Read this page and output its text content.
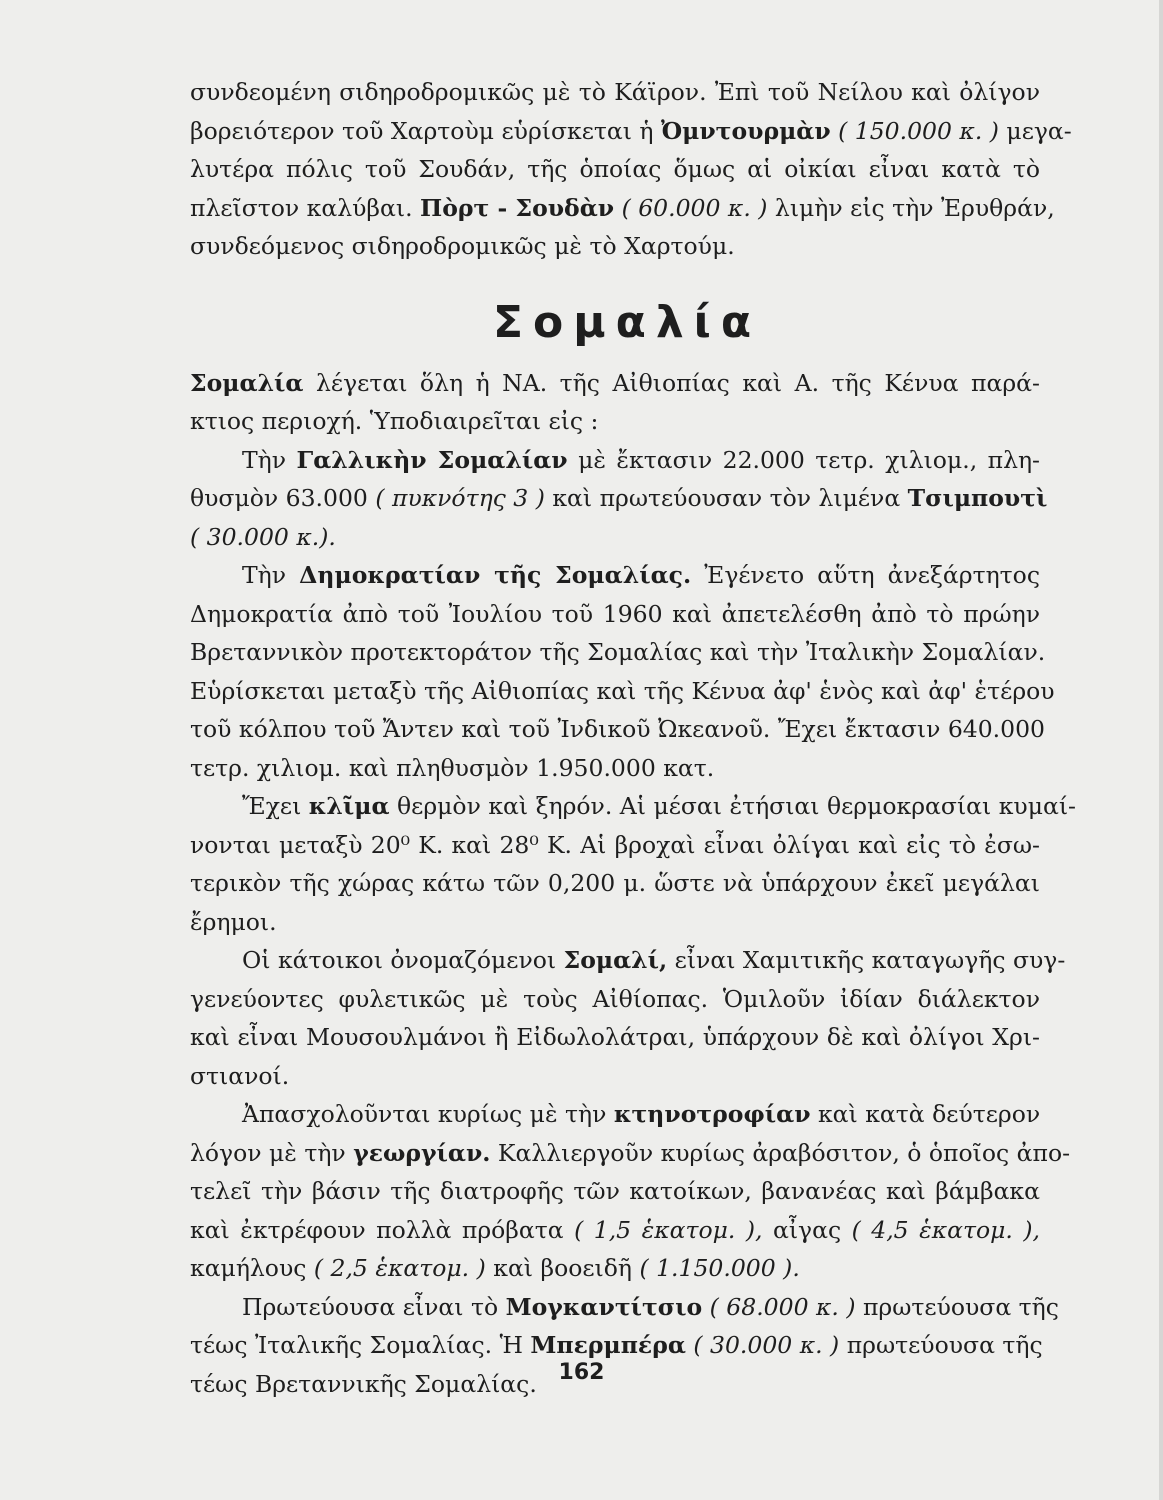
συνδεομένη σιδηροδρομικῶς μὲ τὸ Κάϊρον. Ἐπὶ τοῦ Νείλου καὶ ὀλίγον
βορειότερον τοῦ Χαρτοὺμ εὑρίσκεται ἡ Ὀμντουρμὰν ( 150.000 κ. ) μεγα-
λυτέρα πόλις τοῦ Σουδάν, τῆς ὁποίας ὅμως αἱ οἰκίαι εἶναι κατὰ τὸ
πλεῖστον καλύβαι. Πὸρτ - Σουδὰν ( 60.000 κ. ) λιμὴν εἰς τὴν Ἐρυθράν,
συνδεόμενος σιδηροδρομικῶς μὲ τὸ Χαρτούμ.
Σομαλία
Σομαλία λέγεται ὅλη ἡ ΝΑ. τῆς Αἰθιοπίας καὶ Α. τῆς Κένυα παρά-
κτιος περιοχή. Ὑποδιαιρεῖται εἰς :
Τὴν Γαλλικὴν Σομαλίαν μὲ ἔκτασιν 22.000 τετρ. χιλιομ., πλη-
θυσμὸν 63.000 ( πυκνότης 3 ) καὶ πρωτεύουσαν τὸν λιμένα Τσιμπουτὶ
( 30.000 κ.).
Τὴν Δημοκρατίαν τῆς Σομαλίας. Ἐγένετο αὕτη ἀνεξάρτητος
Δημοκρατία ἀπὸ τοῦ Ἰουλίου τοῦ 1960 καὶ ἀπετελέσθη ἀπὸ τὸ πρώην
Βρεταννικὸν προτεκτοράτον τῆς Σομαλίας καὶ τὴν Ἰταλικὴν Σομαλίαν.
Εὑρίσκεται μεταξὺ τῆς Αἰθιοπίας καὶ τῆς Κένυα ἀφ' ἑνὸς καὶ ἀφ' ἑτέρου
τοῦ κόλπου τοῦ Ἄντεν καὶ τοῦ Ἰνδικοῦ Ὠκεανοῦ. Ἔχει ἔκτασιν 640.000
τετρ. χιλιομ. καὶ πληθυσμὸν 1.950.000 κατ.
Ἔχει κλῖμα θερμὸν καὶ ξηρόν. Αἱ μέσαι ἐτήσιαι θερμοκρασίαι κυμαί-
νονται μεταξὺ 20⁰ Κ. καὶ 28⁰ Κ. Αἱ βροχαὶ εἶναι ὀλίγαι καὶ εἰς τὸ ἐσω-
τερικὸν τῆς χώρας κάτω τῶν 0,200 μ. ὥστε νὰ ὑπάρχουν ἐκεῖ μεγάλαι
ἔρημοι.
Οἱ κάτοικοι ὀνομαζόμενοι Σομαλί, εἶναι Χαμιτικῆς καταγωγῆς συγ-
γενεύοντες φυλετικῶς μὲ τοὺς Αἰθίοπας. Ὁμιλοῦν ἰδίαν διάλεκτον
καὶ εἶναι Μουσουλμάνοι ἢ Εἰδωλολάτραι, ὑπάρχουν δὲ καὶ ὀλίγοι Χρι-
στιανοί.
Ἀπασχολοῦνται κυρίως μὲ τὴν κτηνοτροφίαν καὶ κατὰ δεύτερον
λόγον μὲ τὴν γεωργίαν. Καλλιεργοῦν κυρίως ἀραβόσιτον, ὁ ὁποῖος ἀπο-
τελεῖ τὴν βάσιν τῆς διατροφῆς τῶν κατοίκων, βανανέας καὶ βάμβακα
καὶ ἐκτρέφουν πολλὰ πρόβατα ( 1,5 ἑκατομ. ), αἶγας ( 4,5 ἑκατομ. ),
καμήλους ( 2,5 ἑκατομ. ) καὶ βοοειδῆ ( 1.150.000 ).
Πρωτεύουσα εἶναι τὸ Μογκαντίτσιο ( 68.000 κ. ) πρωτεύουσα τῆς
τέως Ἰταλικῆς Σομαλίας. Ἡ Μπερμπέρα ( 30.000 κ. ) πρωτεύουσα τῆς
τέως Βρεταννικῆς Σομαλίας. 162
